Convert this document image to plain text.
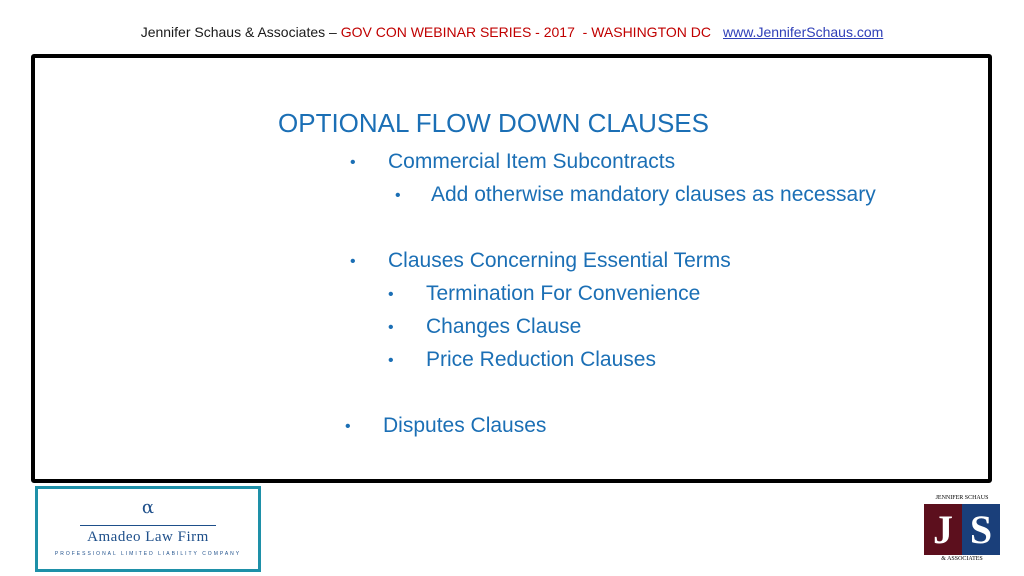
Jennifer Schaus & Associates – GOV CON WEBINAR SERIES - 2017  - WASHINGTON DC www.JenniferSchaus.com
OPTIONAL FLOW DOWN CLAUSES
• Commercial Item Subcontracts
• Add otherwise mandatory clauses as necessary
• Clauses Concerning Essential Terms
• Termination For Convenience
• Changes Clause
• Price Reduction Clauses
• Disputes Clauses
α
Amadeo Law Firm
PROFESSIONAL LIMITED LIABILITY COMPANY
JENNIFER SCHAUS
J S
& ASSOCIATES
